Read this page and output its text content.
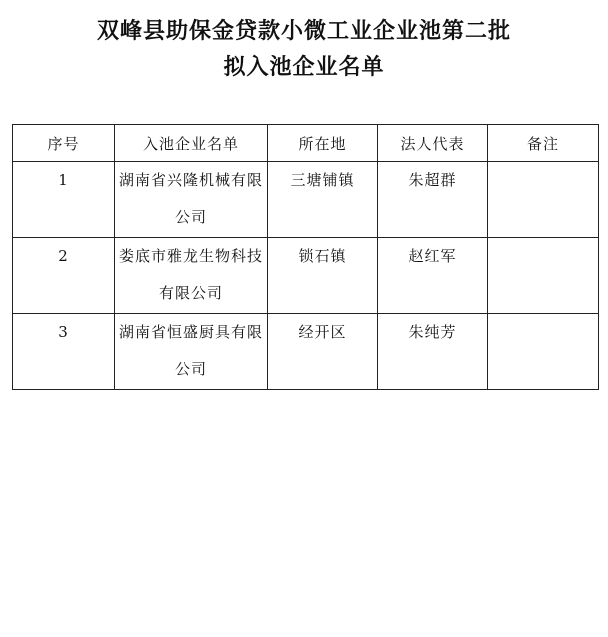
双峰县助保金贷款小微工业企业池第二批
拟入池企业名单
序号	入池企业名单	所在地	法人代表	备注
1	湖南省兴隆机械有限公司	三塘铺镇	朱超群	
2	娄底市雅龙生物科技有限公司	锁石镇	赵红军	
3	湖南省恒盛厨具有限公司	经开区	朱纯芳	
